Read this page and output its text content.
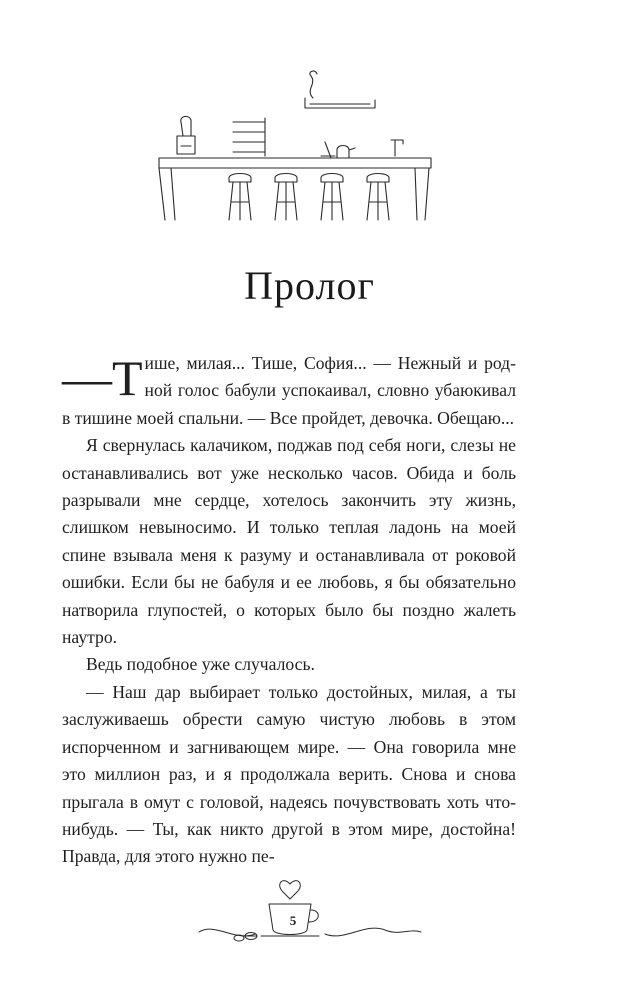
Пролог

—Т ише, милая... Тише, София... — Нежный и родной голос бабули успокаивал, словно убаюкивал в тишине моей спальни. — Все пройдет, девочка. Обещаю...

Я свернулась калачиком, поджав под себя ноги, слезы не останавливались вот уже несколько часов. Обида и боль разрывали мне сердце, хотелось закончить эту жизнь, слишком невыносимо. И только теплая ладонь на моей спине взывала меня к разуму и останавливала от роковой ошибки. Если бы не бабуля и ее любовь, я бы обязательно натворила глупостей, о которых было бы поздно жалеть наутро.

Ведь подобное уже случалось.

— Наш дар выбирает только достойных, милая, а ты заслуживаешь обрести самую чистую любовь в этом испорченном и загнивающем мире. — Она говорила мне это миллион раз, и я продолжала верить. Снова и снова прыгала в омут с головой, надеясь почувствовать хоть что-нибудь. — Ты, как никто другой в этом мире, достойна! Правда, для этого нужно пе-

5
